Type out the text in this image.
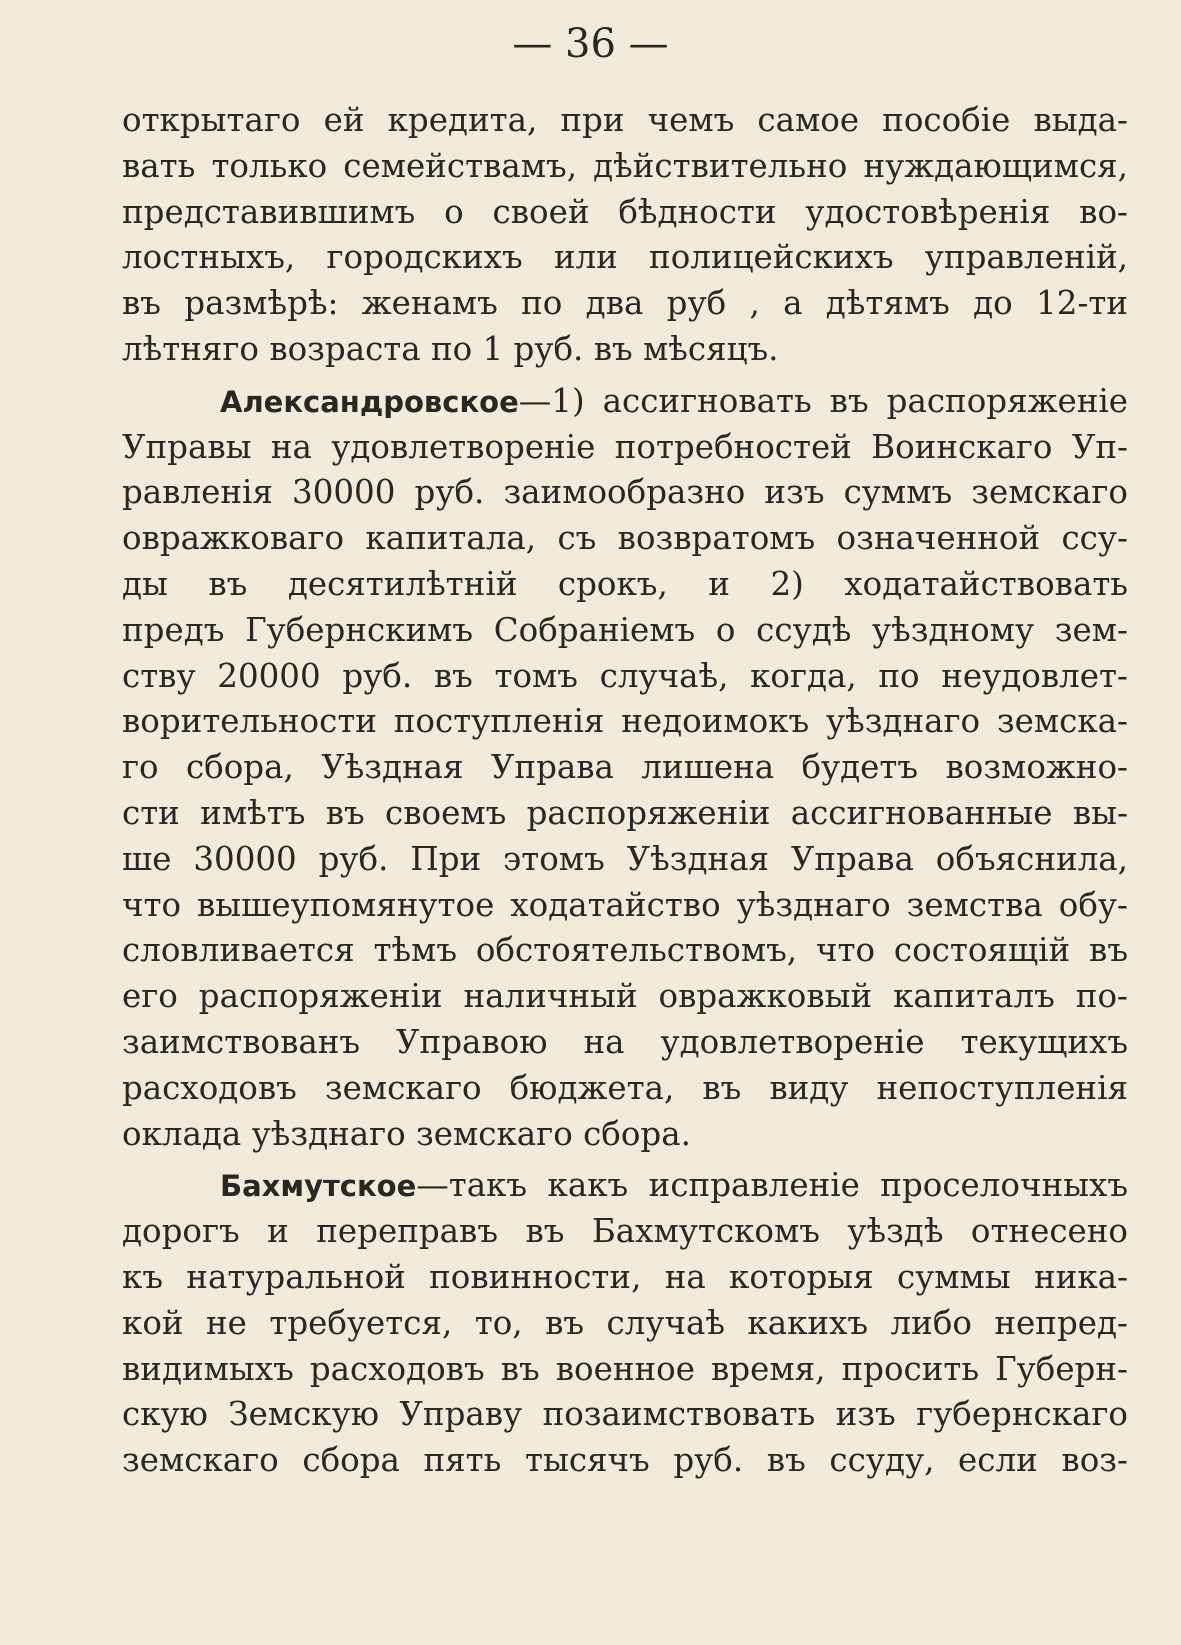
— 36 —
открытаго ей кредита, при чемъ самое пособіе выда-
вать только семействамъ, дѣйствительно нуждающимся,
представившимъ о своей бѣдности удостовѣренія во-
лостныхъ, городскихъ или полицейскихъ управленій,
въ размѣрѣ: женамъ по два руб , а дѣтямъ до 12-ти
лѣтняго возраста по 1 руб. въ мѣсяцъ.
Александровское—1) ассигновать въ распоряженіе
Управы на удовлетвореніе потребностей Воинскаго Уп-
равленія 30000 руб. заимообразно изъ суммъ земскаго
овражковаго капитала, съ возвратомъ означенной ссу-
ды въ десятилѣтній срокъ, и 2) ходатайствовать
предъ Губернскимъ Собраніемъ о ссудѣ уѣздному зем-
ству 20000 руб. въ томъ случаѣ, когда, по неудовлет-
ворительности поступленія недоимокъ уѣзднаго земска-
го сбора, Уѣздная Управа лишена будетъ возможно-
сти имѣтъ въ своемъ распоряженіи ассигнованные вы-
ше 30000 руб. При этомъ Уѣздная Управа объяснила,
что вышеупомянутое ходатайство уѣзднаго земства обу-
словливается тѣмъ обстоятельствомъ, что состоящій въ
его распоряженіи наличный овражковый капиталъ по-
заимствованъ Управою на удовлетвореніе текущихъ
расходовъ земскаго бюджета, въ виду непоступленія
оклада уѣзднаго земскаго сбора.
Бахмутское—такъ какъ исправленіе проселочныхъ
дорогъ и переправъ въ Бахмутскомъ уѣздѣ отнесено
къ натуральной повинности, на которыя суммы ника-
кой не требуется, то, въ случаѣ какихъ либо непред-
видимыхъ расходовъ въ военное время, просить Губерн-
скую Земскую Управу позаимствовать изъ губернскаго
земскаго сбора пять тысячъ руб. въ ссуду, если воз-
